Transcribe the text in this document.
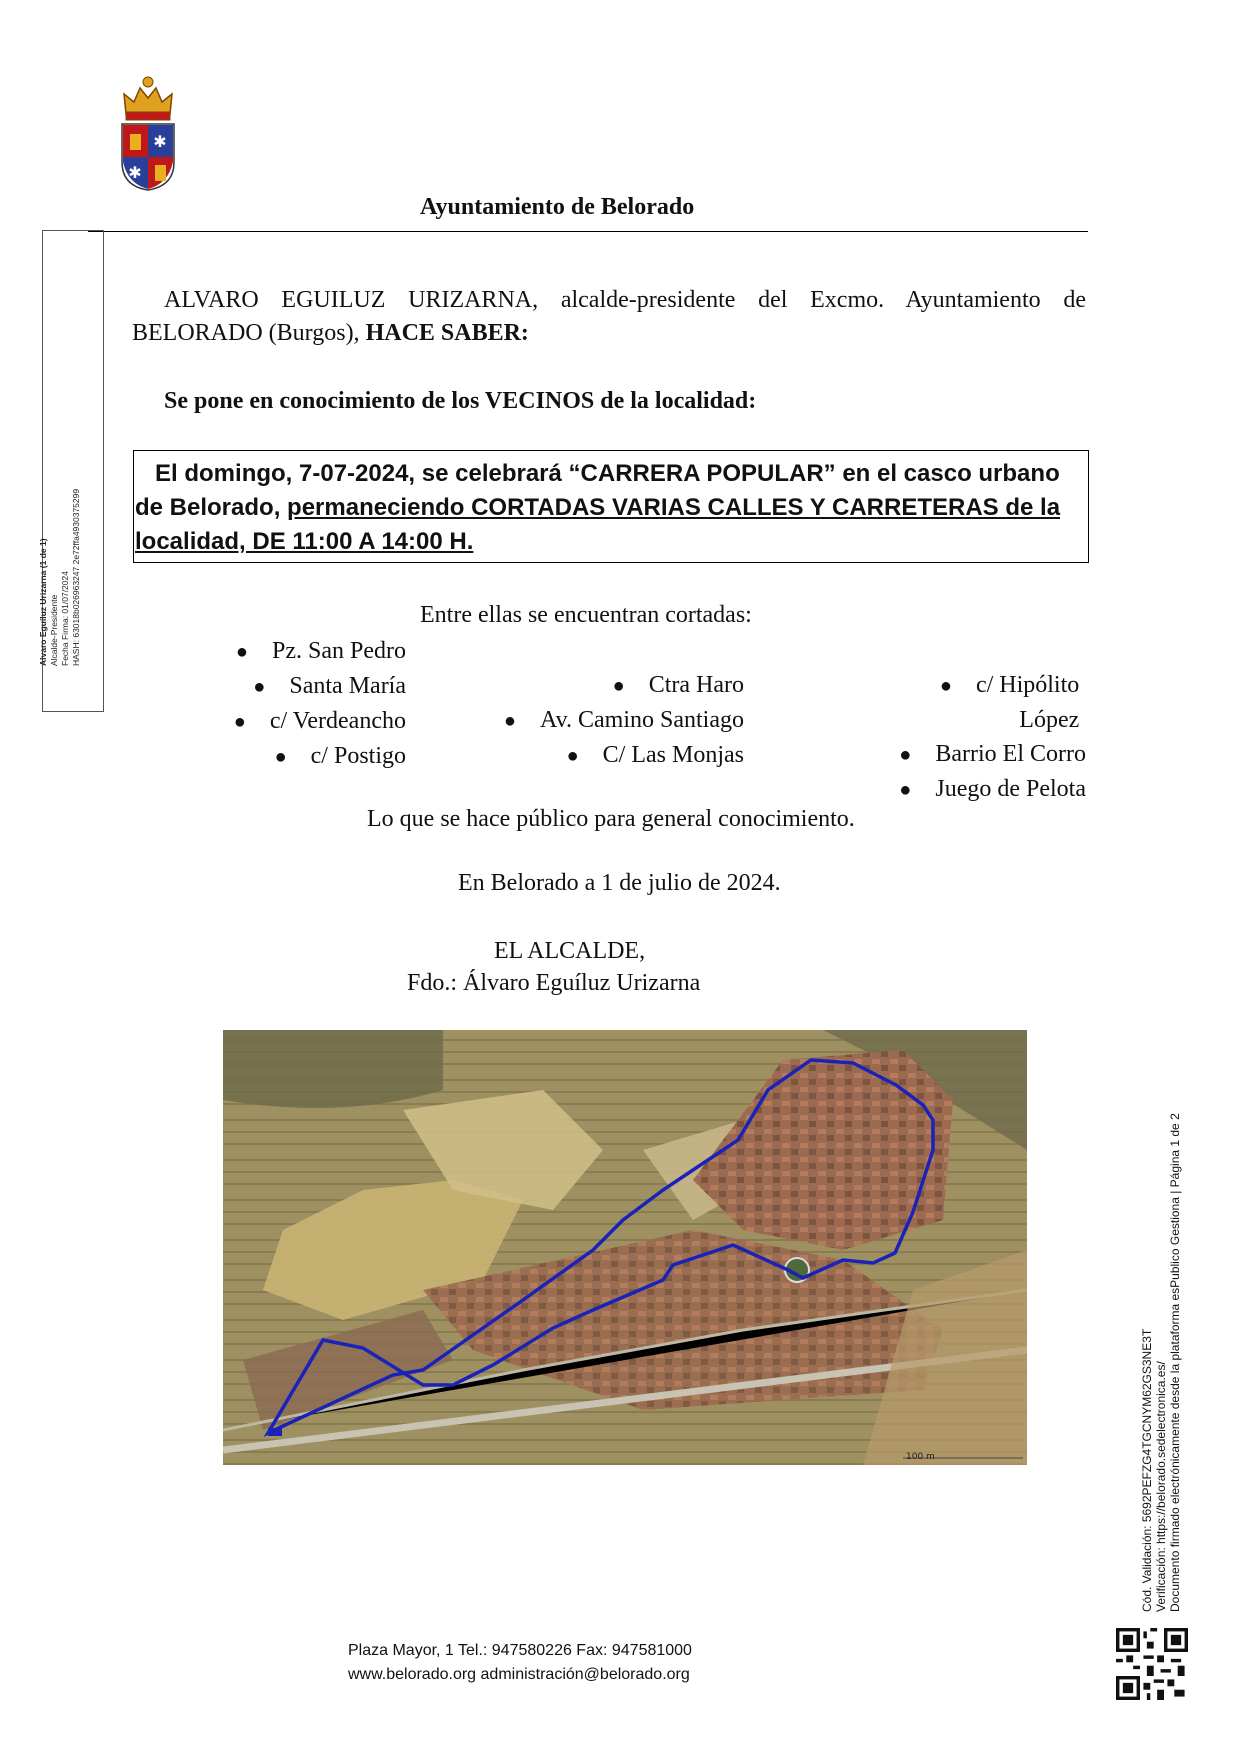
✱
✱
Ayuntamiento de Belorado
Alvaro Eguíluz Urizarna (1 de 1) Alcalde-Presidente Fecha Firma: 01/07/2024 HASH: 63018b026963247 2e72ffa4930375299
ALVARO EGUILUZ URIZARNA, alcalde-presidente del Excmo. Ayuntamiento de BELORADO (Burgos), HACE SABER:
Se pone en conocimiento de los VECINOS de la localidad:
El domingo, 7-07-2024, se celebrará “CARRERA POPULAR” en el casco urbano de Belorado, permaneciendo CORTADAS VARIAS CALLES Y CARRETERAS de la localidad, DE 11:00 A 14:00 H.
Entre ellas se encuentran cortadas:
● Pz. San Pedro
● Santa María
● c/ Verdeancho
● c/ Postigo
● Ctra Haro
● Av. Camino Santiago
● C/ Las Monjas
● c/ Hipólito López
● Barrio El Corro
● Juego de Pelota
Lo que se hace público para general conocimiento.
En Belorado a 1 de julio de 2024.
EL ALCALDE,
Fdo.: Álvaro Eguíluz Urizarna
100 m
Plaza Mayor, 1 Tel.: 947580226 Fax: 947581000
www.belorado.org administración@belorado.org
Cód. Validación: 5692PEFZG4TGCNYM62GS3NE3T Verificación: https://belorado.sedelectronica.es/ Documento firmado electrónicamente desde la plataforma esPublico Gestiona | Página 1 de 2
